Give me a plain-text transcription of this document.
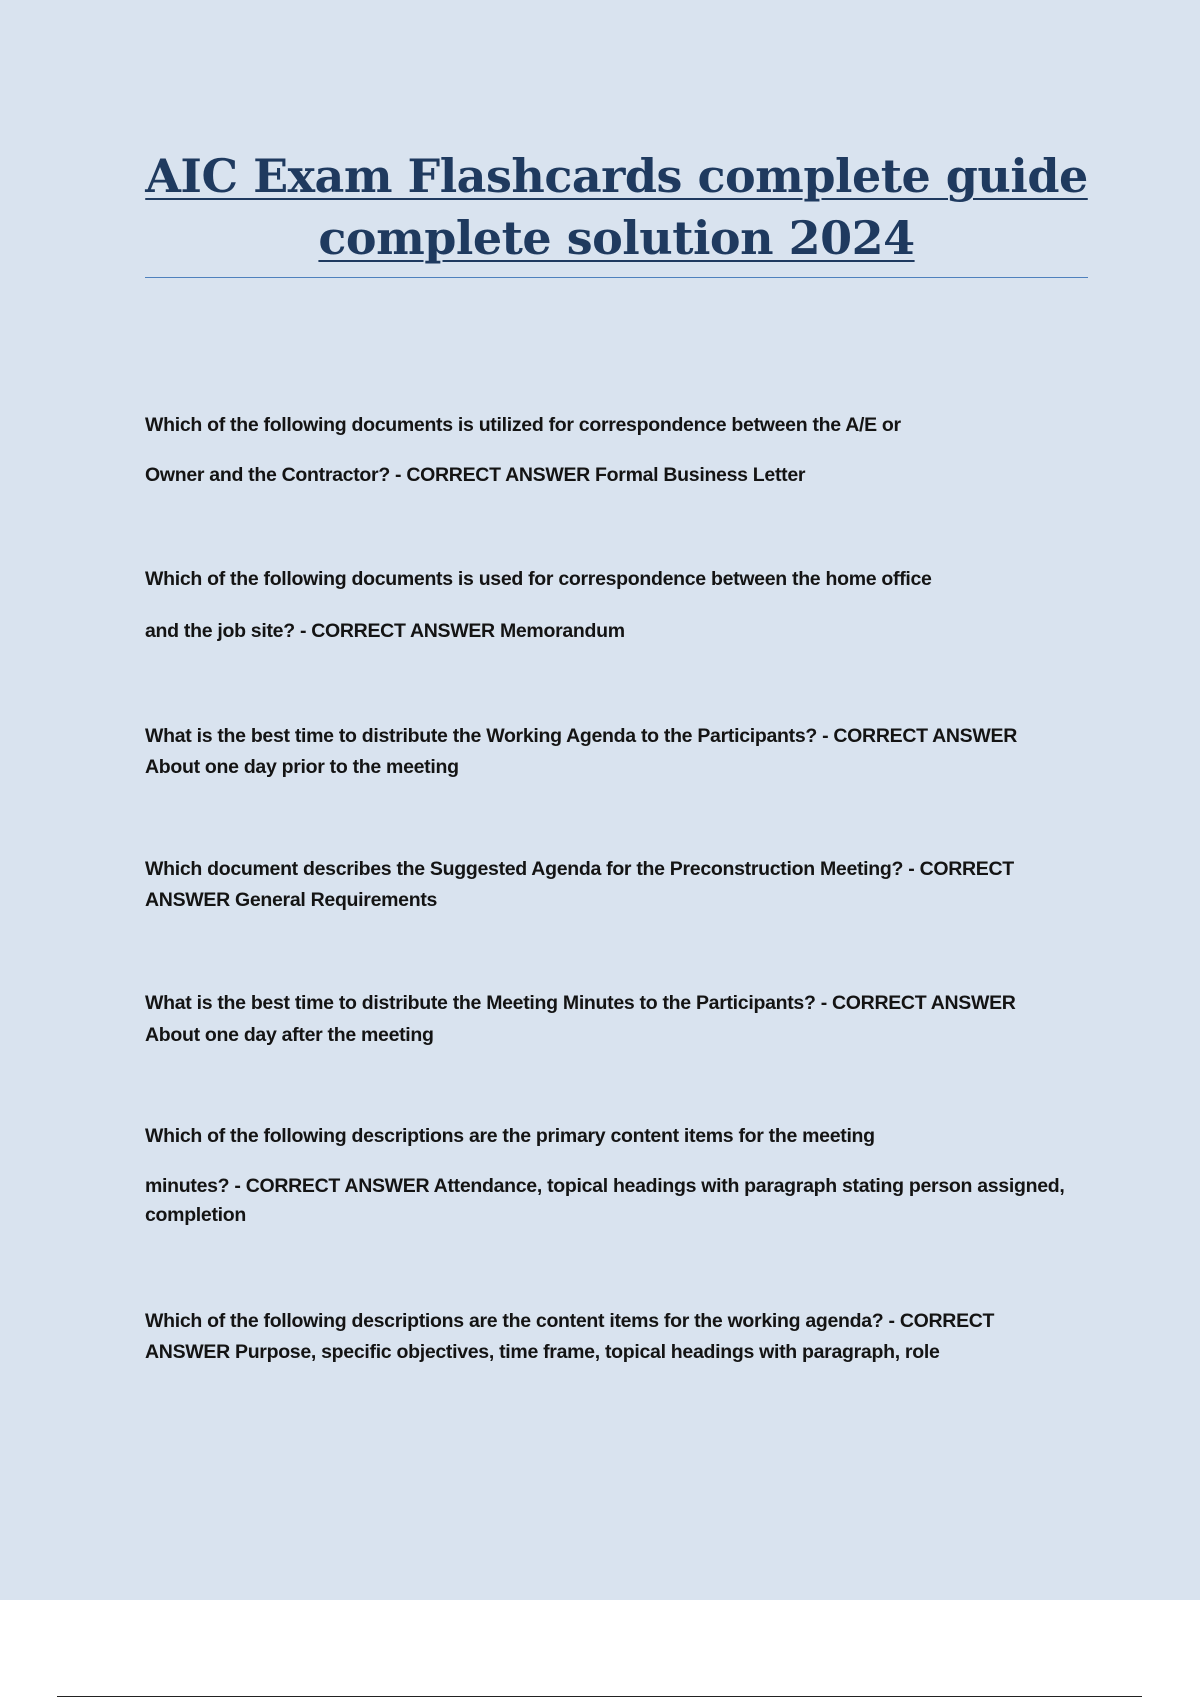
AIC Exam Flashcards complete guide
complete solution 2024
Which of the following documents is utilized for correspondence between the A/E or
Owner and the Contractor? - CORRECT ANSWER Formal Business Letter
Which of the following documents is used for correspondence between the home office
and the job site? - CORRECT ANSWER Memorandum
What is the best time to distribute the Working Agenda to the Participants? - CORRECT ANSWER
About one day prior to the meeting
Which document describes the Suggested Agenda for the Preconstruction Meeting? - CORRECT
ANSWER General Requirements
What is the best time to distribute the Meeting Minutes to the Participants? - CORRECT ANSWER
About one day after the meeting
Which of the following descriptions are the primary content items for the meeting
minutes? - CORRECT ANSWER Attendance, topical headings with paragraph stating person assigned,
completion
Which of the following descriptions are the content items for the working agenda? - CORRECT
ANSWER Purpose, specific objectives, time frame, topical headings with paragraph, role
